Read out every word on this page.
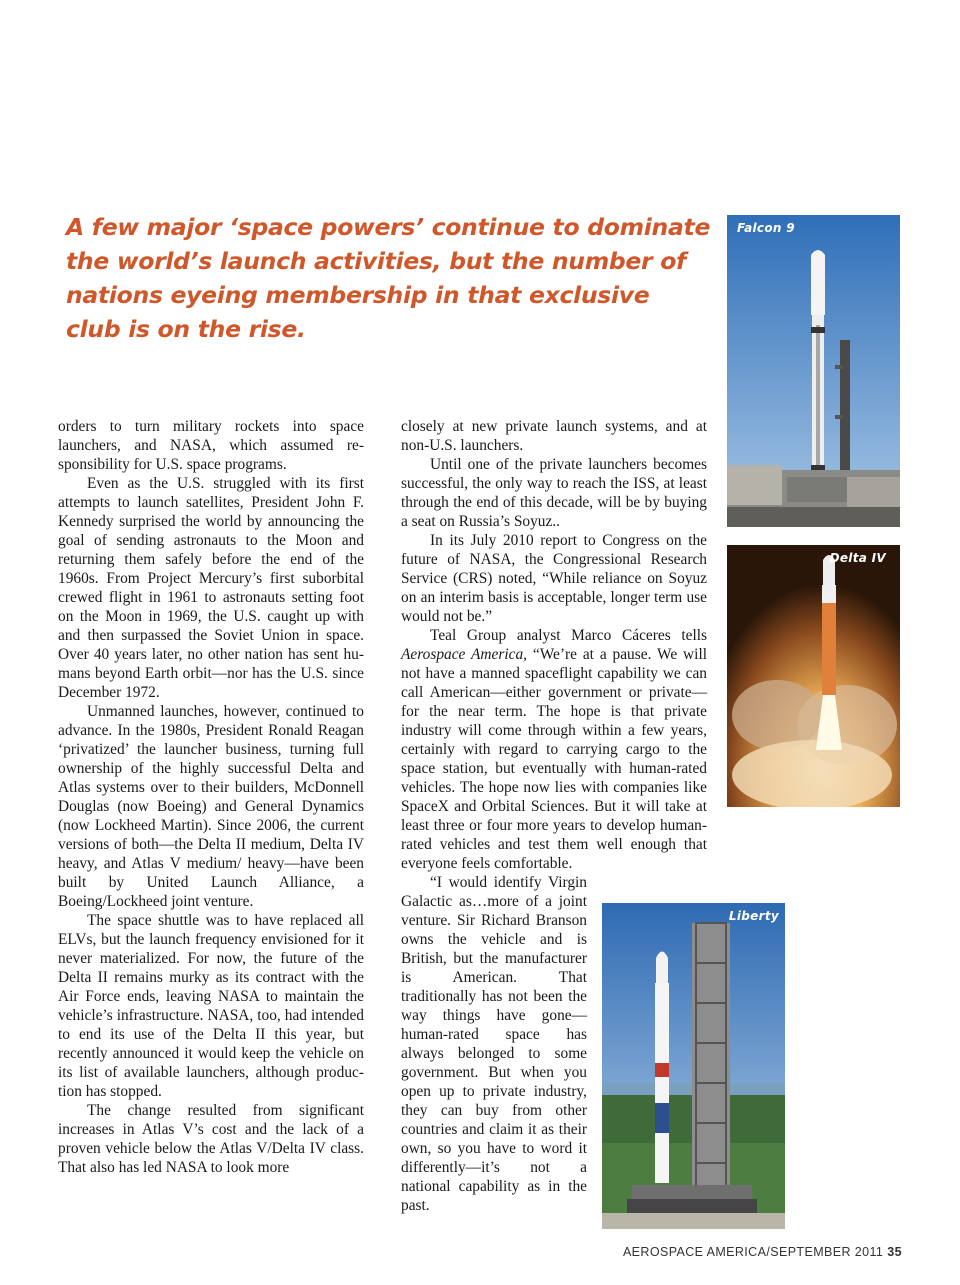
A few major ‘space powers’ continue to dominate
the world’s launch activities, but the number of
nations eyeing membership in that exclusive
club is on the rise.

orders to turn military rockets into space launchers, and NASA, which assumed responsibility for U.S. space programs.

Even as the U.S. struggled with its first attempts to launch satellites, President John F. Kennedy surprised the world by announcing the goal of sending astronauts to the Moon and returning them safely before the end of the 1960s. From Project Mercury’s first suborbital crewed flight in 1961 to astronauts setting foot on the Moon in 1969, the U.S. caught up with and then surpassed the Soviet Union in space. Over 40 years later, no other nation has sent humans beyond Earth orbit—nor has the U.S. since December 1972.

Unmanned launches, however, continued to advance. In the 1980s, President Ronald Reagan ‘privatized’ the launcher business, turning full ownership of the highly successful Delta and Atlas systems over to their builders, McDonnell Douglas (now Boeing) and General Dynamics (now Lockheed Martin). Since 2006, the current versions of both—the Delta II medium, Delta IV heavy, and Atlas V medium/ heavy—have been built by United Launch Alliance, a Boeing/Lockheed joint venture.

The space shuttle was to have replaced all ELVs, but the launch frequency envisioned for it never materialized. For now, the future of the Delta II remains murky as its contract with the Air Force ends, leaving NASA to maintain the vehicle’s infrastructure. NASA, too, had intended to end its use of the Delta II this year, but recently announced it would keep the vehicle on its list of available launchers, although production has stopped.

The change resulted from significant increases in Atlas V’s cost and the lack of a proven vehicle below the Atlas V/Delta IV class. That also has led NASA to look more

closely at new private launch systems, and at non-U.S. launchers.

Until one of the private launchers becomes successful, the only way to reach the ISS, at least through the end of this decade, will be by buying a seat on Russia’s Soyuz..

In its July 2010 report to Congress on the future of NASA, the Congressional Research Service (CRS) noted, “While reliance on Soyuz on an interim basis is acceptable, longer term use would not be.”

Teal Group analyst Marco Cáceres tells Aerospace America, “We’re at a pause. We will not have a manned spaceflight capability we can call American—either government or private—for the near term. The hope is that private industry will come through within a few years, certainly with regard to carrying cargo to the space station, but eventually with human-rated vehicles. The hope now lies with companies like SpaceX and Orbital Sciences. But it will take at least three or four more years to develop human-rated vehicles and test them well enough that everyone feels comfortable.

“I would identify Virgin Galactic as…more of a joint venture. Sir Richard Branson owns the vehicle and is British, but the manufacturer is American. That traditionally has not been the way things have gone—human-rated space has always belonged to some government. But when you open up to private industry, they can buy from other countries and claim it as their own, so you have to word it differently—it’s not a national capability as in the past.

Falcon 9
Delta IV
Liberty
AEROSPACE AMERICA/SEPTEMBER 2011 35
